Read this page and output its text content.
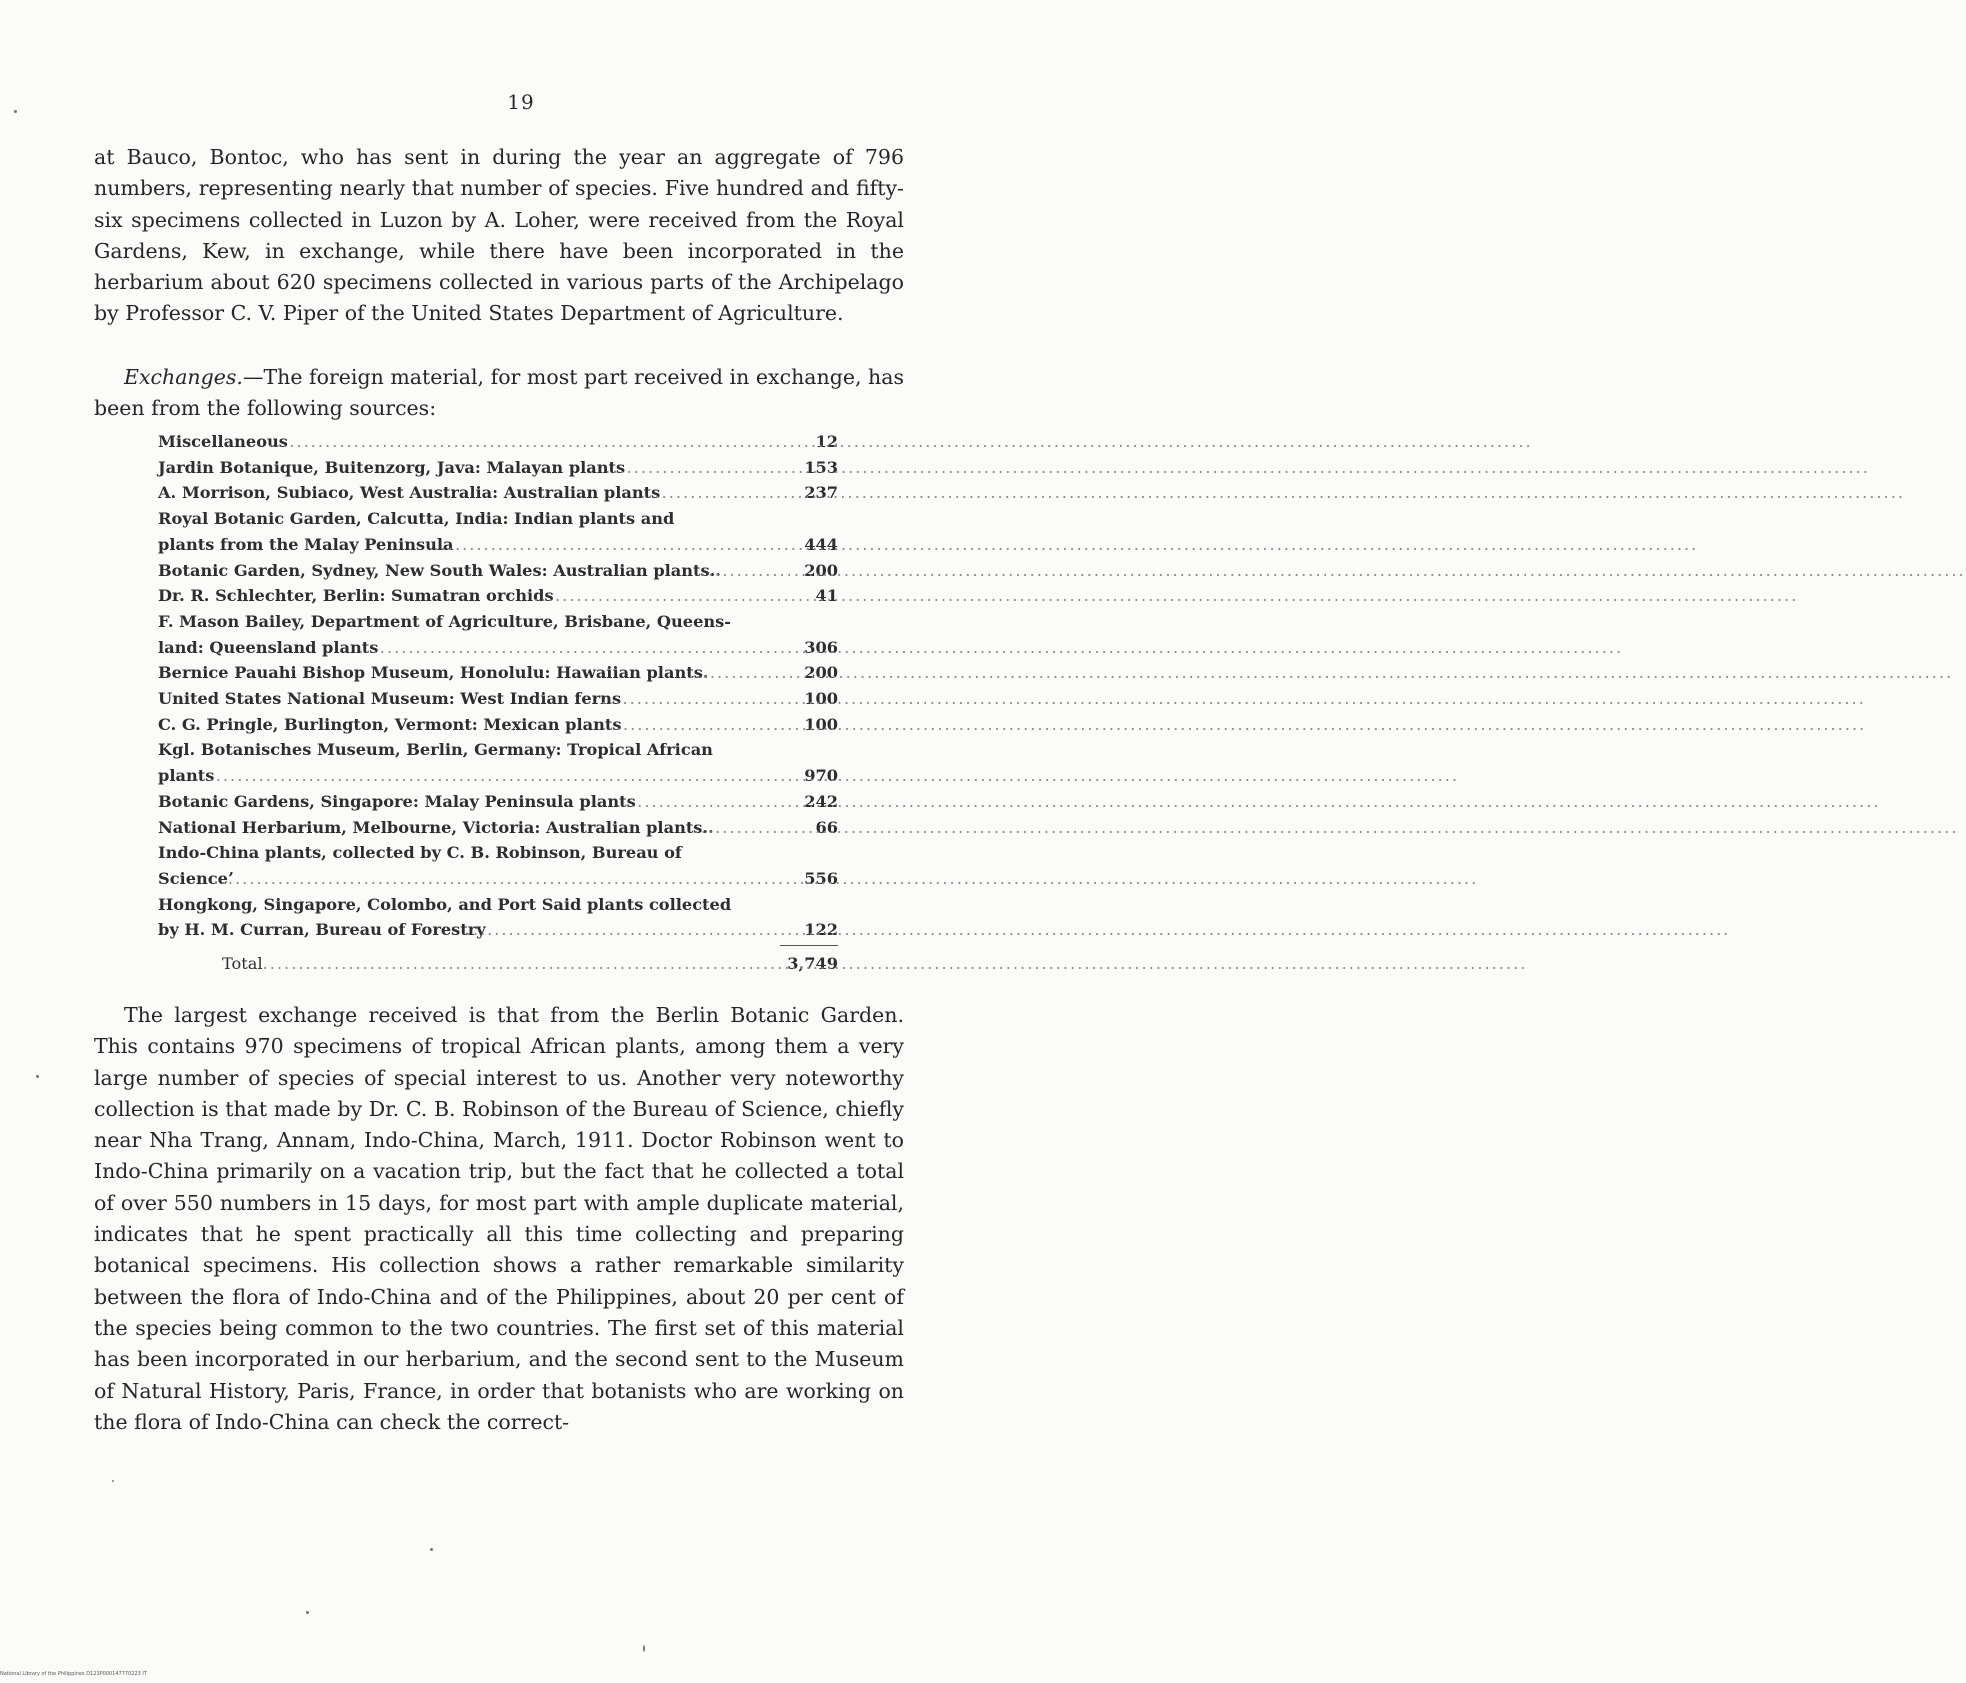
19

at Bauco, Bontoc, who has sent in during the year an aggregate of 796 numbers, representing nearly that number of species. Five hundred and fifty-six specimens collected in Luzon by A. Loher, were received from the Royal Gardens, Kew, in exchange, while there have been incorporated in the herbarium about 620 specimens collected in various parts of the Archipelago by Professor C. V. Piper of the United States Department of Agriculture.

Exchanges.—The foreign material, for most part received in exchange, has been from the following sources:

Miscellaneous .....	12
Jardin Botanique, Buitenzorg, Java: Malayan plants .....	153
A. Morrison, Subiaco, West Australia: Australian plants .....	237
Royal Botanic Garden, Calcutta, India: Indian plants and
plants from the Malay Peninsula .....	444
Botanic Garden, Sydney, New South Wales: Australian plants.. .....	200
Dr. R. Schlechter, Berlin: Sumatran orchids .....	41
F. Mason Bailey, Department of Agriculture, Brisbane, Queens-
land: Queensland plants .....	306
Bernice Pauahi Bishop Museum, Honolulu: Hawaiian plants. .....	200
United States National Museum: West Indian ferns .....	100
C. G. Pringle, Burlington, Vermont: Mexican plants .....	100
Kgl. Botanisches Museum, Berlin, Germany: Tropical African
plants .....	970
Botanic Gardens, Singapore: Malay Peninsula plants .....	242
National Herbarium, Melbourne, Victoria: Australian plants.. .....	66
Indo-China plants, collected by C. B. Robinson, Bureau of
Scienceʼ .....	556
Hongkong, Singapore, Colombo, and Port Said plants collected
by H. M. Curran, Bureau of Forestry .....	122
Total .....	3,749

The largest exchange received is that from the Berlin Botanic Garden. This contains 970 specimens of tropical African plants, among them a very large number of species of special interest to us. Another very noteworthy collection is that made by Dr. C. B. Robinson of the Bureau of Science, chiefly near Nha Trang, Annam, Indo-China, March, 1911. Doctor Robinson went to Indo-China primarily on a vacation trip, but the fact that he collected a total of over 550 numbers in 15 days, for most part with ample duplicate material, indicates that he spent practically all this time collecting and preparing botanical specimens. His collection shows a rather remarkable similarity between the flora of Indo-China and of the Philippines, about 20 per cent of the species being common to the two countries. The first set of this material has been incorporated in our herbarium, and the second sent to the Museum of Natural History, Paris, France, in order that botanists who are working on the flora of Indo-China can check the correct-

National Library of the Philippines D123P000147770223 IT
